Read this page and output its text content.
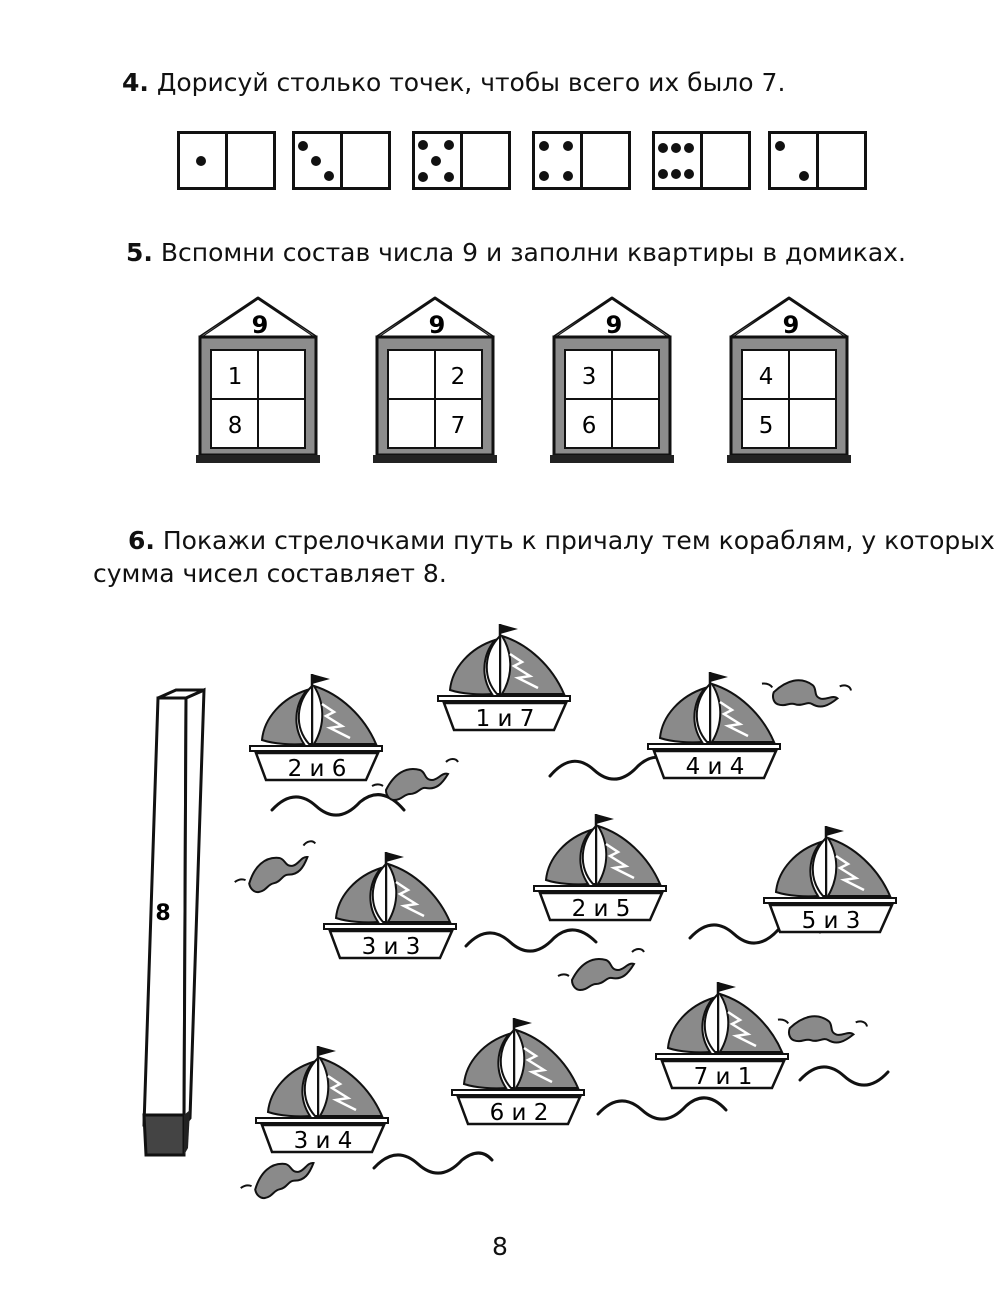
4. Дорисуй столько точек, чтобы всего их было 7.
5. Вспомни состав числа 9 и заполни квартиры в домиках.
9
1
8
9
2
7
9
3
6
9
4
5
6. Покажи стрелочками путь к причалу тем кораблям, у которых
сумма чисел составляет 8.
8
1 и 7
2 и 6	4 и 4
2 и 5
3 и 3
5 и 3
7 и 1
6 и 2
3 и 4
8
